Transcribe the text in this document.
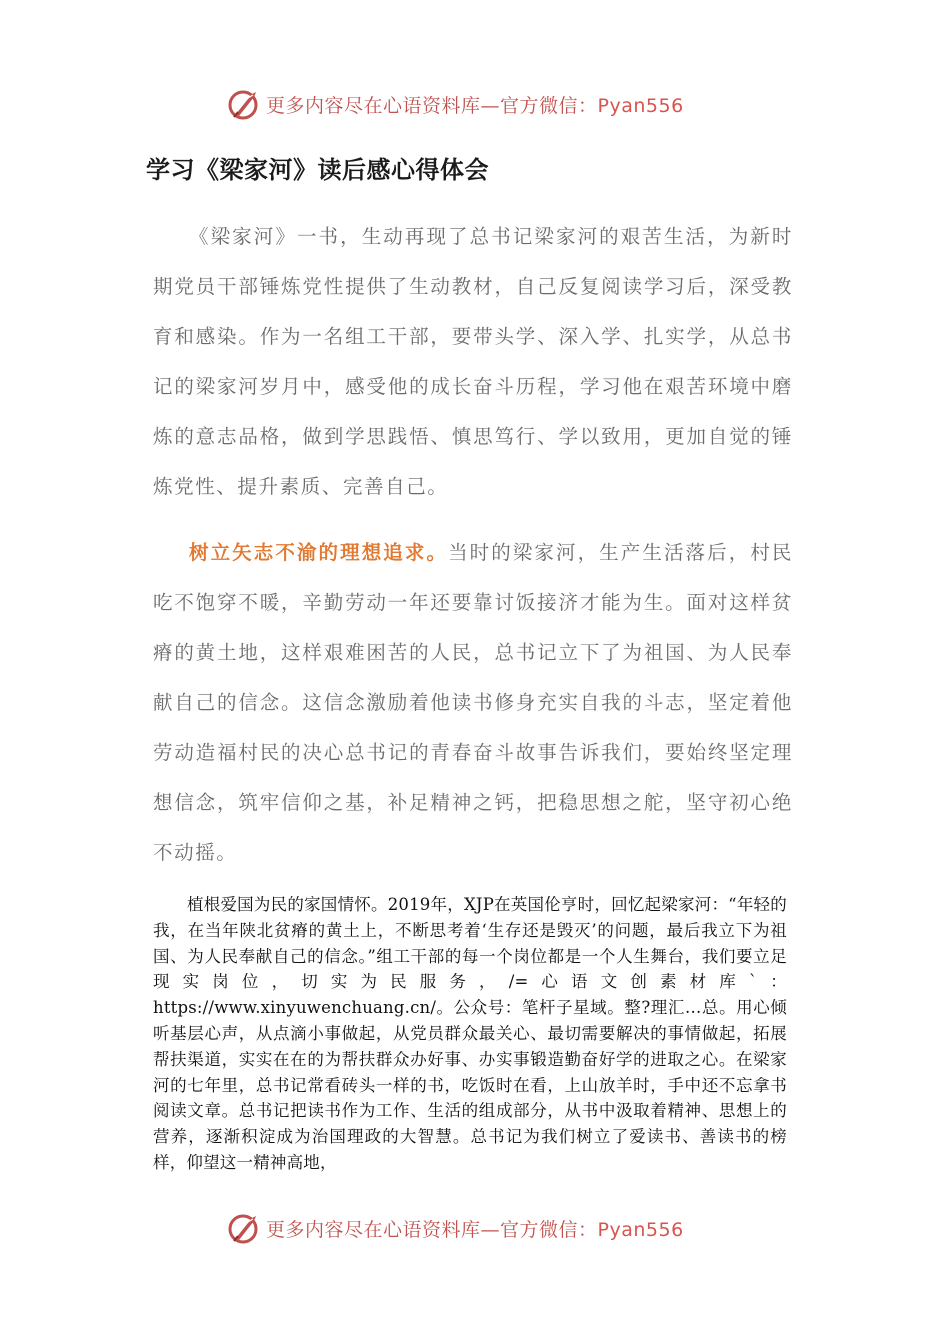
更多内容尽在心语资料库—官方微信：Pyan556
学习《梁家河》读后感心得体会

《梁家河》一书，生动再现了总书记梁家河的艰苦生活，为新时期党员干部锤炼党性提供了生动教材，自己反复阅读学习后，深受教育和感染。作为一名组工干部，要带头学、深入学、扎实学，从总书记的梁家河岁月中，感受他的成长奋斗历程，学习他在艰苦环境中磨炼的意志品格，做到学思践悟、慎思笃行、学以致用，更加自觉的锤炼党性、提升素质、完善自己。

树立矢志不渝的理想追求。当时的梁家河，生产生活落后，村民吃不饱穿不暖，辛勤劳动一年还要靠讨饭接济才能为生。面对这样贫瘠的黄土地，这样艰难困苦的人民，总书记立下了为祖国、为人民奉献自己的信念。这信念激励着他读书修身充实自我的斗志，坚定着他劳动造福村民的决心总书记的青春奋斗故事告诉我们，要始终坚定理想信念，筑牢信仰之基，补足精神之钙，把稳思想之舵，坚守初心绝不动摇。

植根爱国为民的家国情怀。2019年，XJP在英国伦亨时，回忆起梁家河：“年轻的我，在当年陕北贫瘠的黄土上，不断思考着‘生存还是毁灭’的问题，最后我立下为祖国、为人民奉献自己的信念。”组工干部的每一个岗位都是一个人生舞台，我们要立足现实岗位，切实为民服务，/=心语文创素材库`：https://www.xinyuwenchuang.cn/。公众号：笔杆子星域。整?理汇…总。用心倾听基层心声，从点滴小事做起，从党员群众最关心、最切需要解决的事情做起，拓展帮扶渠道，实实在在的为帮扶群众办好事、办实事锻造勤奋好学的进取之心。在梁家河的七年里，总书记常看砖头一样的书，吃饭时在看，上山放羊时，手中还不忘拿书阅读文章。总书记把读书作为工作、生活的组成部分，从书中汲取着精神、思想上的营养，逐渐积淀成为治国理政的大智慧。总书记为我们树立了爱读书、善读书的榜样，仰望这一精神高地，

更多内容尽在心语资料库—官方微信：Pyan556
